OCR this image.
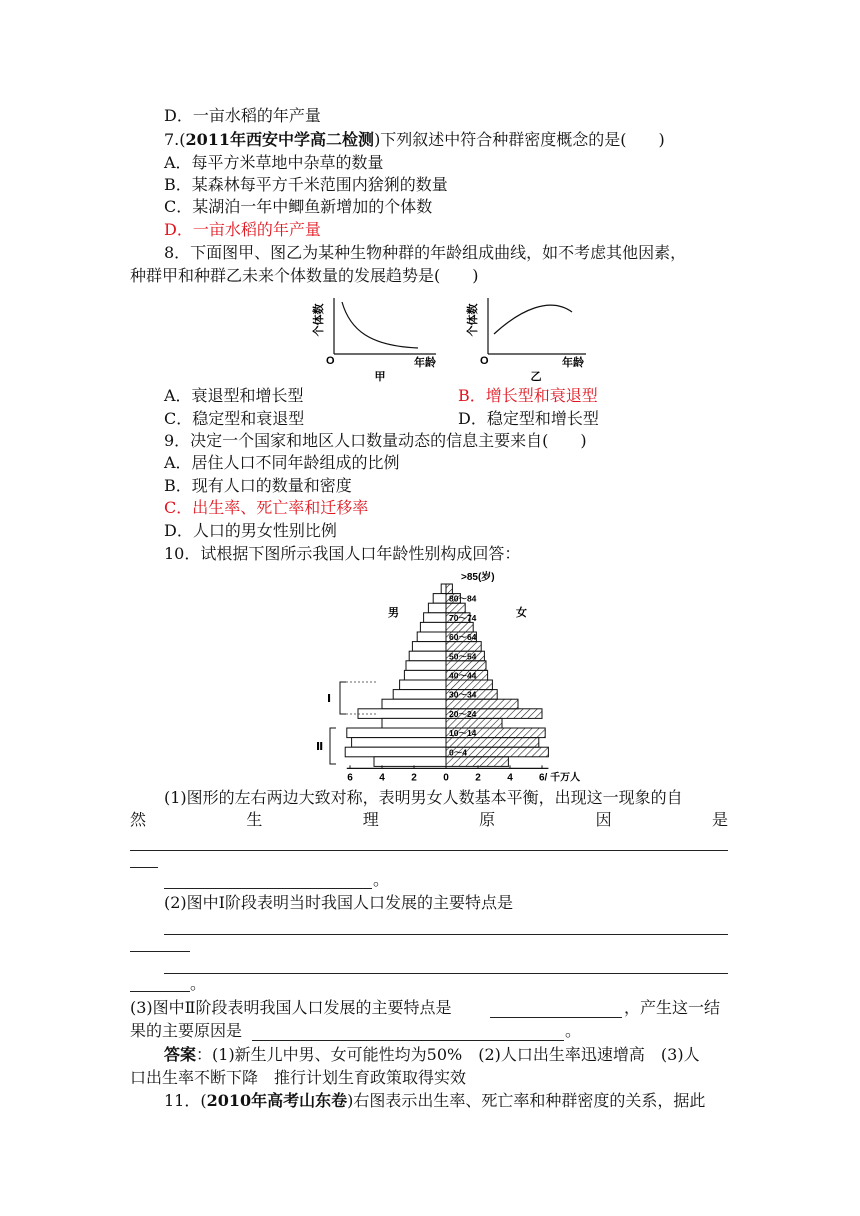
D．一亩水稻的年产量
7.(2011年西安中学高二检测)下列叙述中符合种群密度概念的是(　　)
A．每平方米草地中杂草的数量
B．某森林每平方千米范围内猞猁的数量
C．某湖泊一年中鲫鱼新增加的个体数
D．一亩水稻的年产量
8．下面图甲、图乙为某种生物种群的年龄组成曲线，如不考虑其他因素，
种群甲和种群乙未来个体数量的发展趋势是(　　)
个体数
O	年龄
甲
个体数
O	年龄
乙
A．衰退型和增长型	B．增长型和衰退型
C．稳定型和衰退型	D．稳定型和增长型
9．决定一个国家和地区人口数量动态的信息主要来自(　　)
A．居住人口不同年龄组成的比例
B．现有人口的数量和密度
C．出生率、死亡率和迁移率
D．人口的男女性别比例
10．试根据下图所示我国人口年龄性别构成回答：
80～84
70～74
60～64
50～54
40～44
30～34
20～24
10～14
0～4
>85(岁)
男	女
Ⅰ
Ⅱ
6	4	2	0	2	4	6/ 千万人
(1)图形的左右两边大致对称，表明男女人数基本平衡，出现这一现象的自
然	生	理	原	因	是
。
(2)图中Ⅰ阶段表明当时我国人口发展的主要特点是
。
(3)图中Ⅱ阶段表明我国人口发展的主要特点是	，产生这一结
果的主要原因是	。
答案：(1)新生儿中男、女可能性均为50%　(2)人口出生率迅速增高　(3)人
口出生率不断下降　推行计划生育政策取得实效
11．(2010年高考山东卷)右图表示出生率、死亡率和种群密度的关系，据此
